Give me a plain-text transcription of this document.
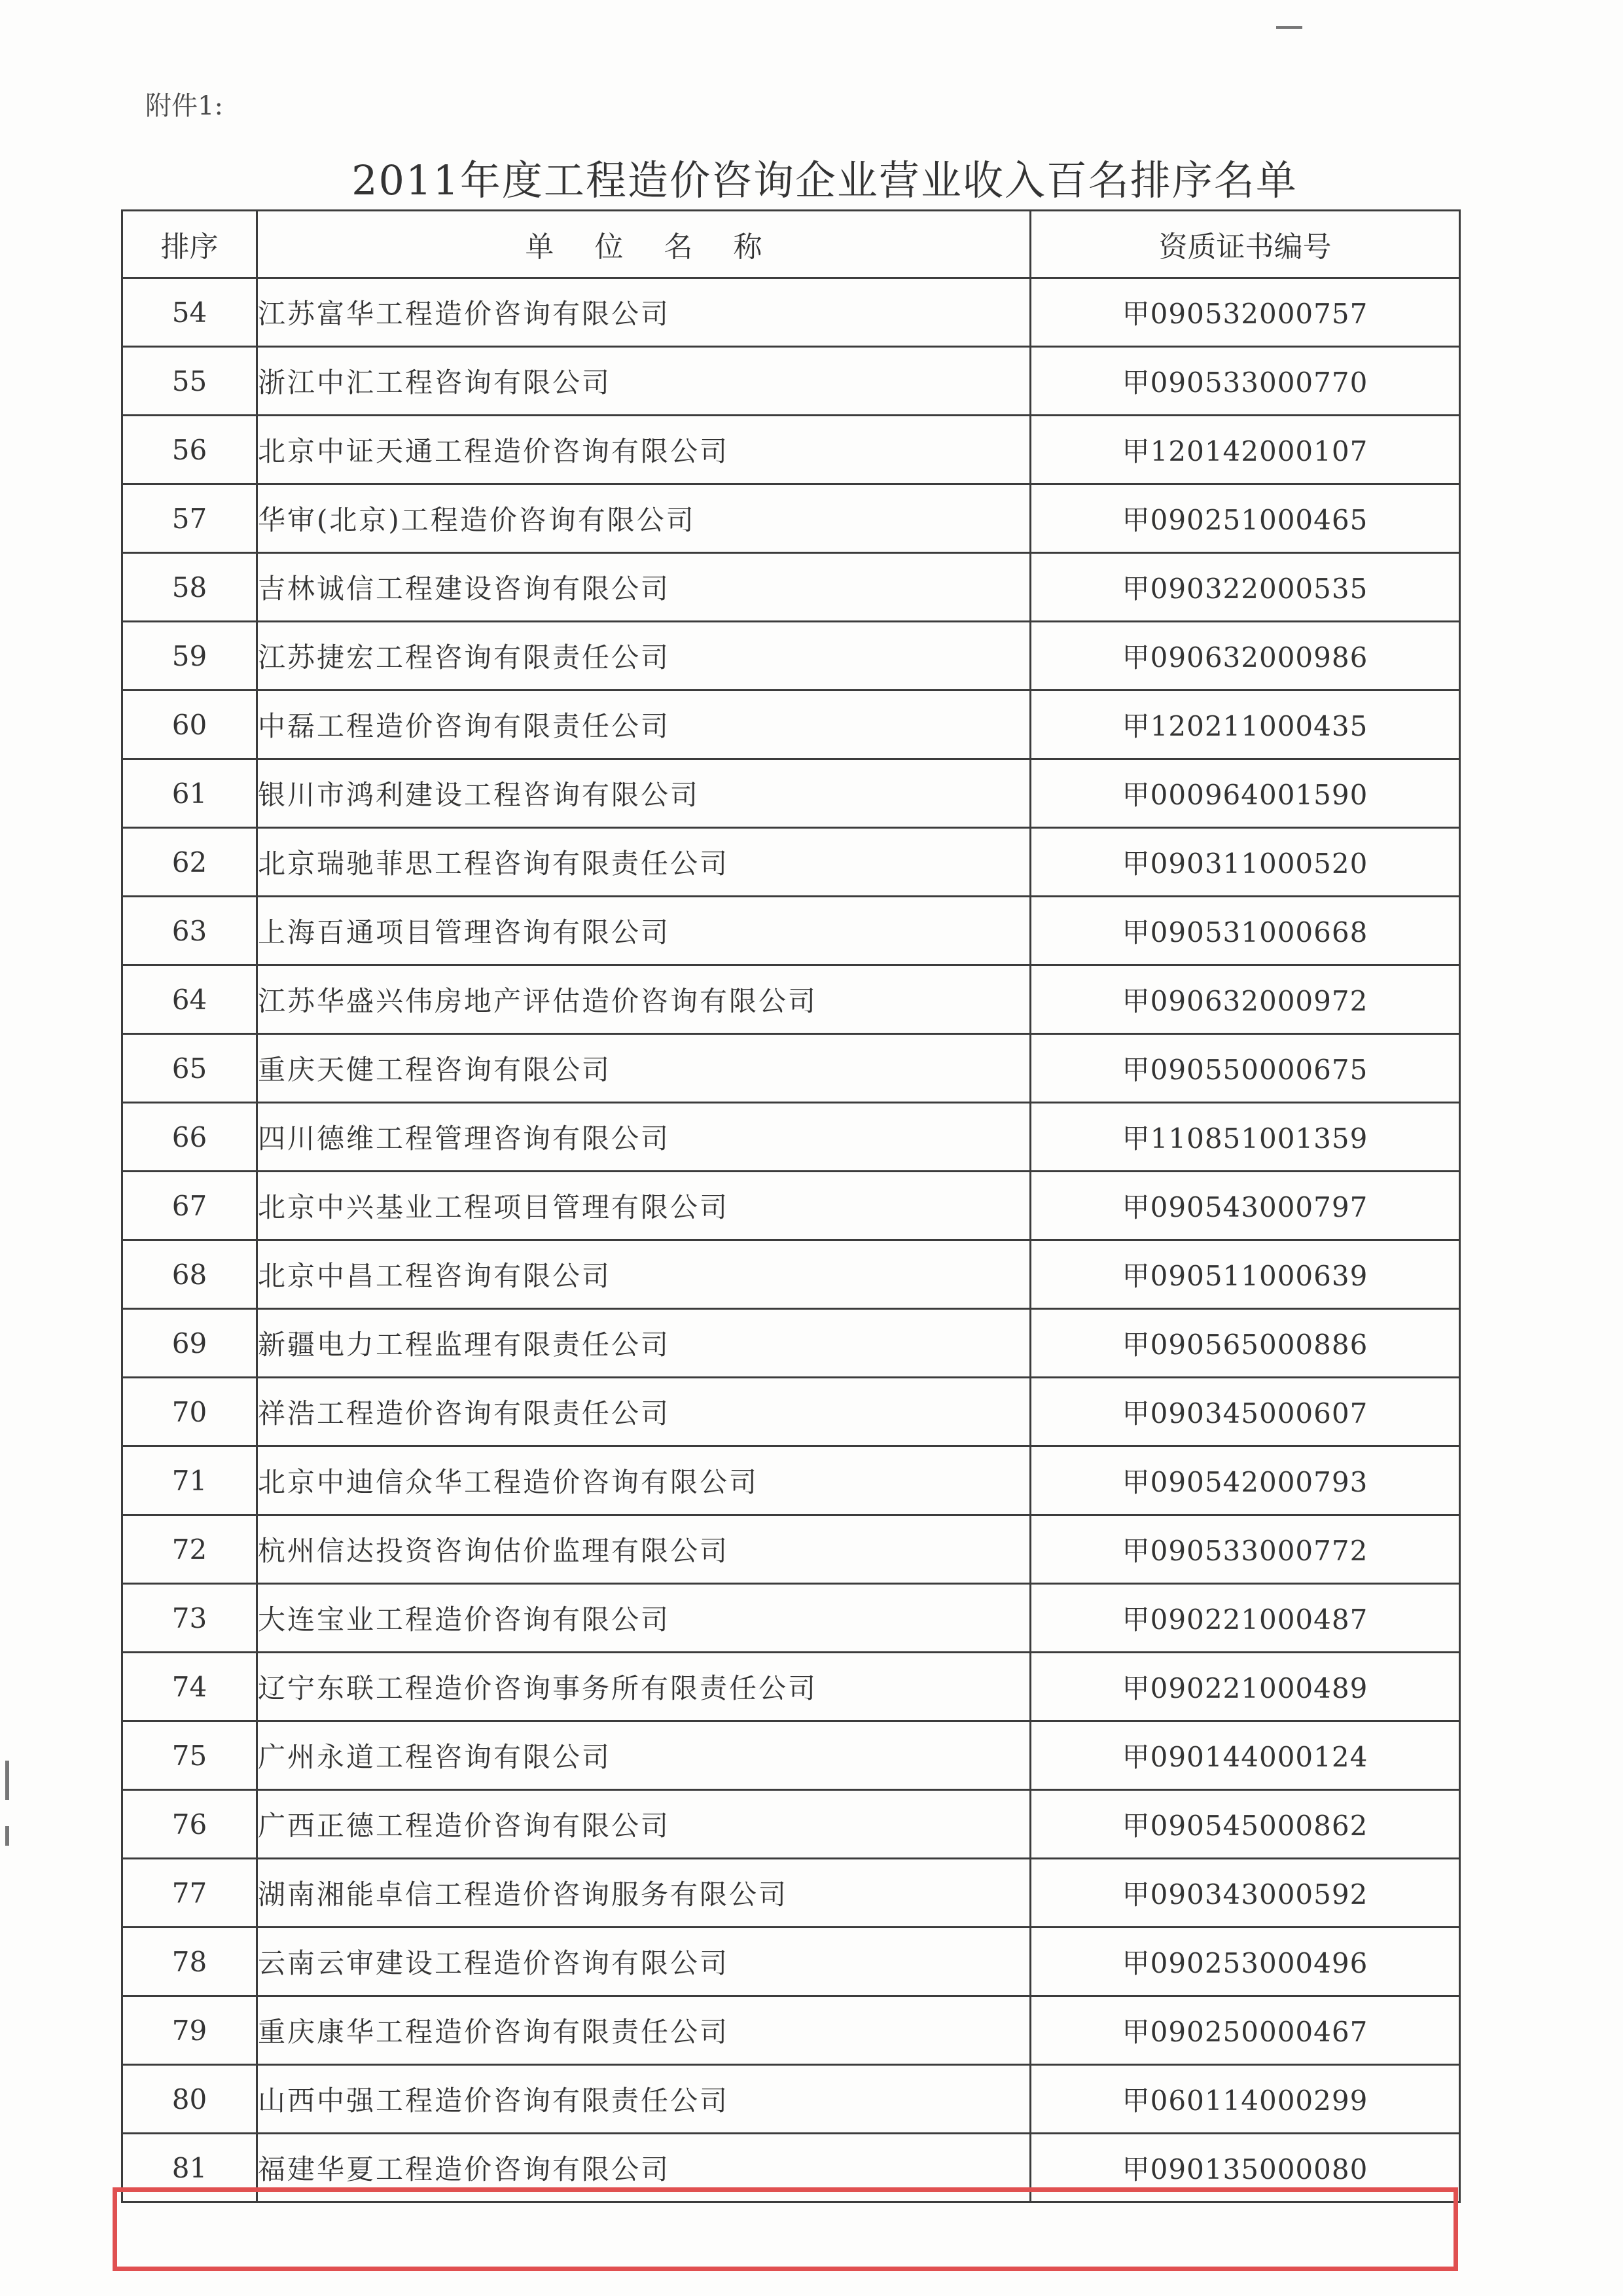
附件1:
2011年度工程造价咨询企业营业收入百名排序名单
排序	单位名称	资质证书编号
54	江苏富华工程造价咨询有限公司	甲090532000757
55	浙江中汇工程咨询有限公司	甲090533000770
56	北京中证天通工程造价咨询有限公司	甲120142000107
57	华审(北京)工程造价咨询有限公司	甲090251000465
58	吉林诚信工程建设咨询有限公司	甲090322000535
59	江苏捷宏工程咨询有限责任公司	甲090632000986
60	中磊工程造价咨询有限责任公司	甲120211000435
61	银川市鸿利建设工程咨询有限公司	甲000964001590
62	北京瑞驰菲思工程咨询有限责任公司	甲090311000520
63	上海百通项目管理咨询有限公司	甲090531000668
64	江苏华盛兴伟房地产评估造价咨询有限公司	甲090632000972
65	重庆天健工程咨询有限公司	甲090550000675
66	四川德维工程管理咨询有限公司	甲110851001359
67	北京中兴基业工程项目管理有限公司	甲090543000797
68	北京中昌工程咨询有限公司	甲090511000639
69	新疆电力工程监理有限责任公司	甲090565000886
70	祥浩工程造价咨询有限责任公司	甲090345000607
71	北京中迪信众华工程造价咨询有限公司	甲090542000793
72	杭州信达投资咨询估价监理有限公司	甲090533000772
73	大连宝业工程造价咨询有限公司	甲090221000487
74	辽宁东联工程造价咨询事务所有限责任公司	甲090221000489
75	广州永道工程咨询有限公司	甲090144000124
76	广西正德工程造价咨询有限公司	甲090545000862
77	湖南湘能卓信工程造价咨询服务有限公司	甲090343000592
78	云南云审建设工程造价咨询有限公司	甲090253000496
79	重庆康华工程造价咨询有限责任公司	甲090250000467
80	山西中强工程造价咨询有限责任公司	甲060114000299
81	福建华夏工程造价咨询有限公司	甲090135000080
